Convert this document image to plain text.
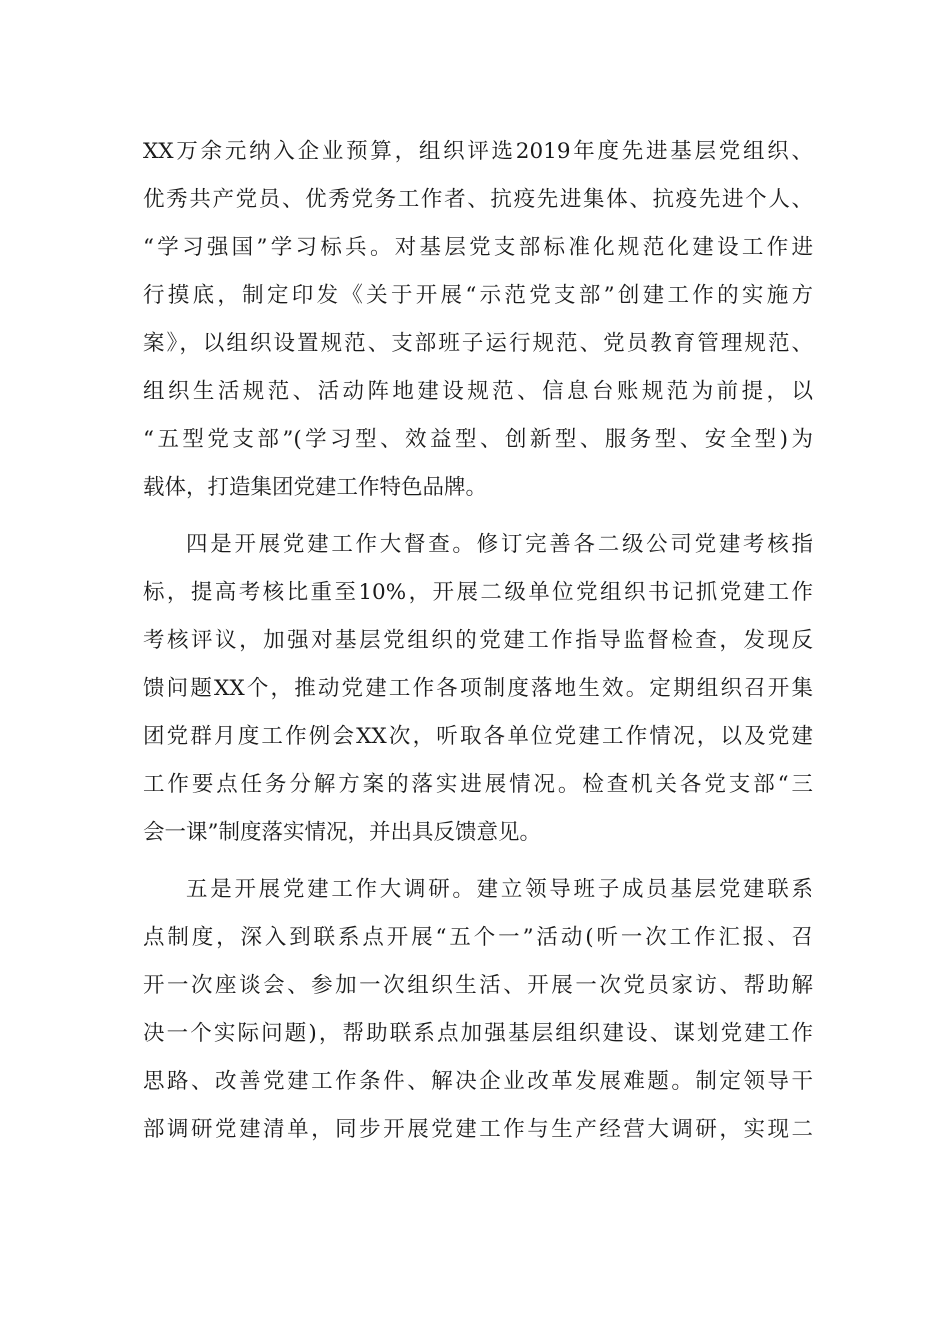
XX万余元纳入企业预算，组织评选2019年度先进基层党组织、
优秀共产党员、优秀党务工作者、抗疫先进集体、抗疫先进个人、
“学习强国”学习标兵。对基层党支部标准化规范化建设工作进
行摸底，制定印发《关于开展“示范党支部”创建工作的实施方
案》，以组织设置规范、支部班子运行规范、党员教育管理规范、
组织生活规范、活动阵地建设规范、信息台账规范为前提，以
“五型党支部”(学习型、效益型、创新型、服务型、安全型)为
载体，打造集团党建工作特色品牌。
四是开展党建工作大督查。修订完善各二级公司党建考核指
标，提高考核比重至10%，开展二级单位党组织书记抓党建工作
考核评议，加强对基层党组织的党建工作指导监督检查，发现反
馈问题XX个，推动党建工作各项制度落地生效。定期组织召开集
团党群月度工作例会XX次，听取各单位党建工作情况，以及党建
工作要点任务分解方案的落实进展情况。检查机关各党支部“三
会一课”制度落实情况，并出具反馈意见。
五是开展党建工作大调研。建立领导班子成员基层党建联系
点制度，深入到联系点开展“五个一”活动(听一次工作汇报、召
开一次座谈会、参加一次组织生活、开展一次党员家访、帮助解
决一个实际问题)，帮助联系点加强基层组织建设、谋划党建工作
思路、改善党建工作条件、解决企业改革发展难题。制定领导干
部调研党建清单，同步开展党建工作与生产经营大调研，实现二
